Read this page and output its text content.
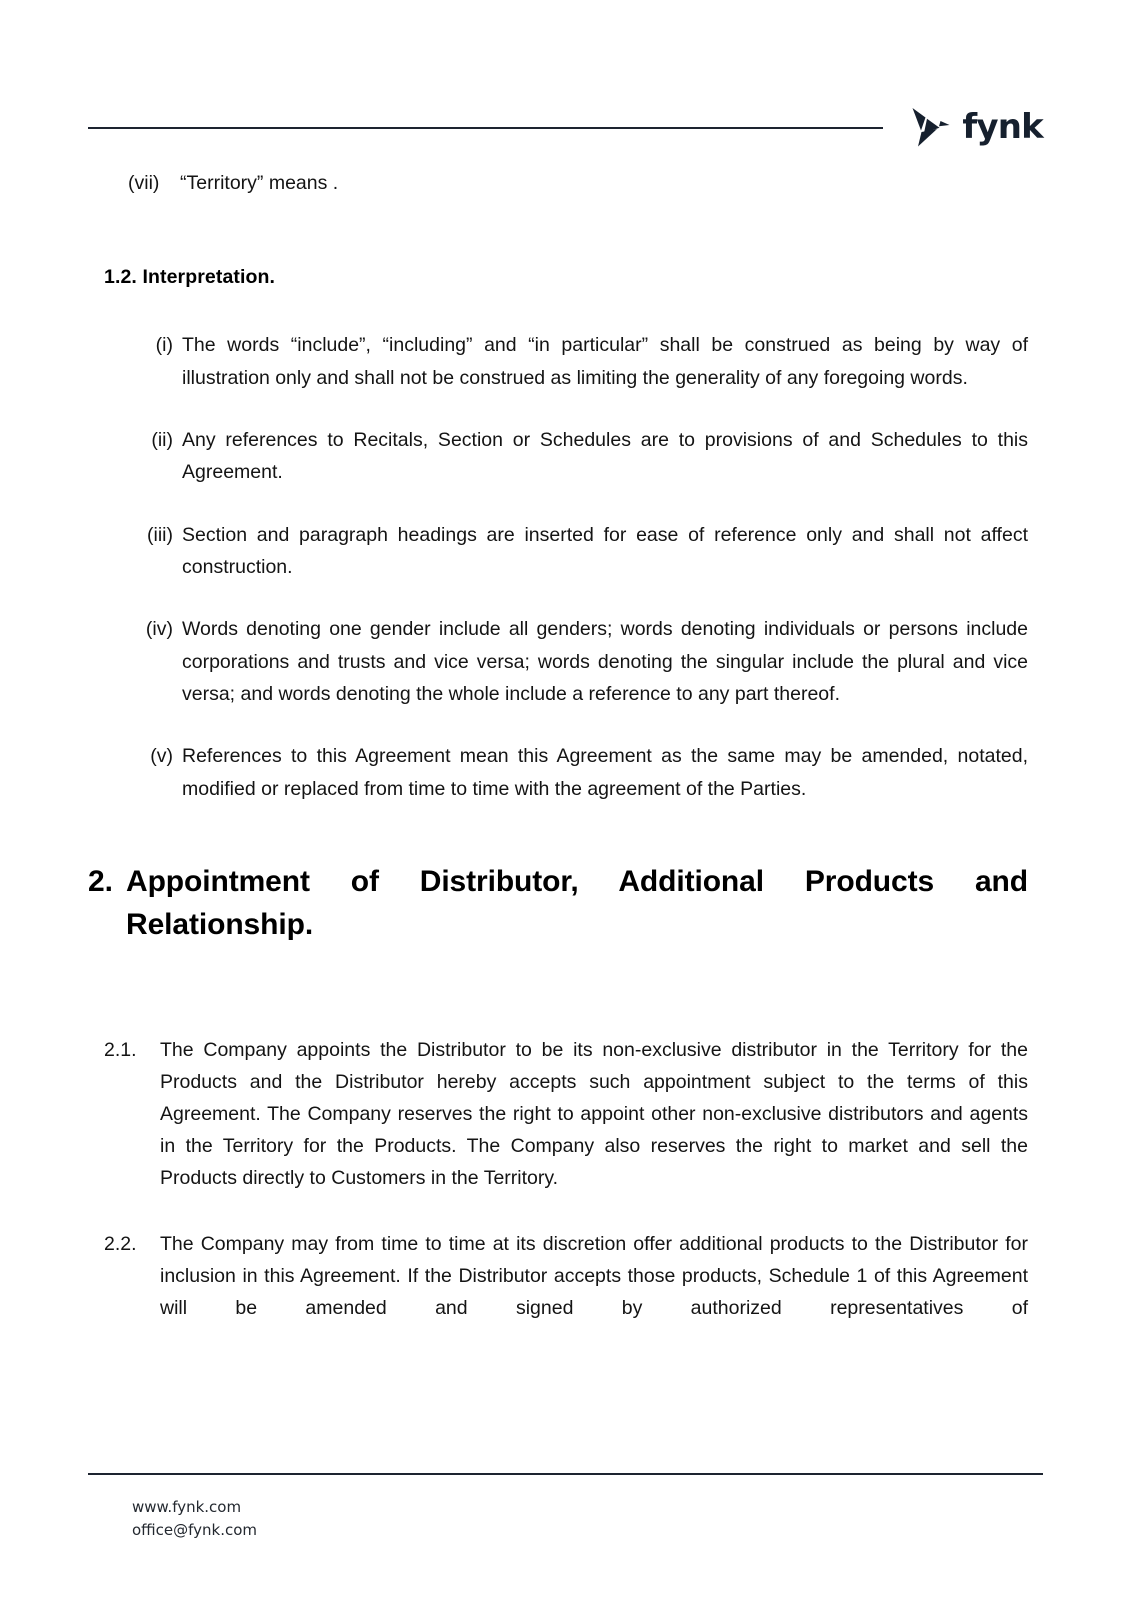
fynk
(vii)	“Territory” means .
1.2. Interpretation.
(i) The words “include”, “including” and “in particular” shall be construed as being by way of illustration only and shall not be construed as limiting the generality of any foregoing words.
(ii) Any references to Recitals, Section or Schedules are to provisions of and Schedules to this Agreement.
(iii) Section and paragraph headings are inserted for ease of reference only and shall not affect construction.
(iv) Words denoting one gender include all genders; words denoting individuals or persons include corporations and trusts and vice versa; words denoting the singular include the plural and vice versa; and words denoting the whole include a reference to any part thereof.
(v) References to this Agreement mean this Agreement as the same may be amended, notated, modified or replaced from time to time with the agreement of the Parties.
2. Appointment of Distributor, Additional Products and Relationship.
2.1.	The Company appoints the Distributor to be its non-exclusive distributor in the Territory for the Products and the Distributor hereby accepts such appointment subject to the terms of this Agreement. The Company reserves the right to appoint other non-exclusive distributors and agents in the Territory for the Products. The Company also reserves the right to market and sell the Products directly to Customers in the Territory.
2.2.	The Company may from time to time at its discretion offer additional products to the Distributor for inclusion in this Agreement. If the Distributor accepts those products, Schedule 1 of this Agreement will be amended and signed by authorized representatives of
www.fynk.com
office@fynk.com
